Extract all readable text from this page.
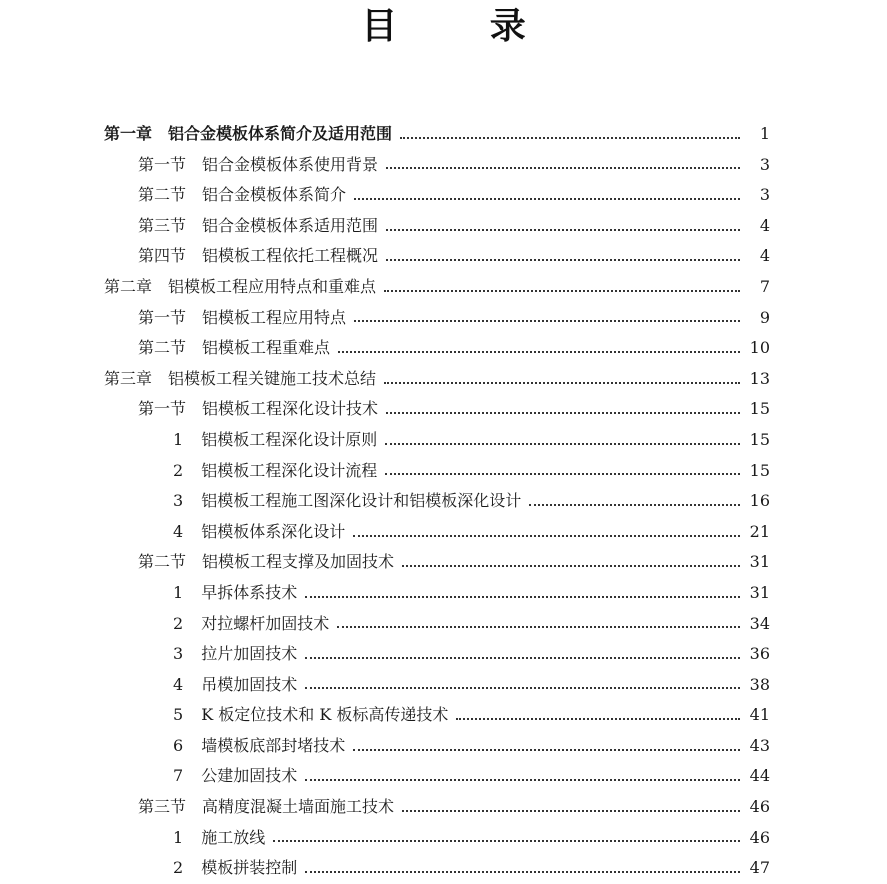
目 录
第一章 铝合金模板体系简介及适用范围	1
第一节 铝合金模板体系使用背景	3
第二节 铝合金模板体系简介	3
第三节 铝合金模板体系适用范围	4
第四节 铝模板工程依托工程概况	4
第二章 铝模板工程应用特点和重难点	7
第一节 铝模板工程应用特点	9
第二节 铝模板工程重难点	10
第三章 铝模板工程关键施工技术总结	13
第一节 铝模板工程深化设计技术	15
1 铝模板工程深化设计原则	15
2 铝模板工程深化设计流程	15
3 铝模板工程施工图深化设计和铝模板深化设计	16
4 铝模板体系深化设计	21
第二节 铝模板工程支撑及加固技术	31
1 早拆体系技术	31
2 对拉螺杆加固技术	34
3 拉片加固技术	36
4 吊模加固技术	38
5 K 板定位技术和 K 板标高传递技术	41
6 墙模板底部封堵技术	43
7 公建加固技术	44
第三节 高精度混凝土墙面施工技术	46
1 施工放线	46
2 模板拼装控制	47
